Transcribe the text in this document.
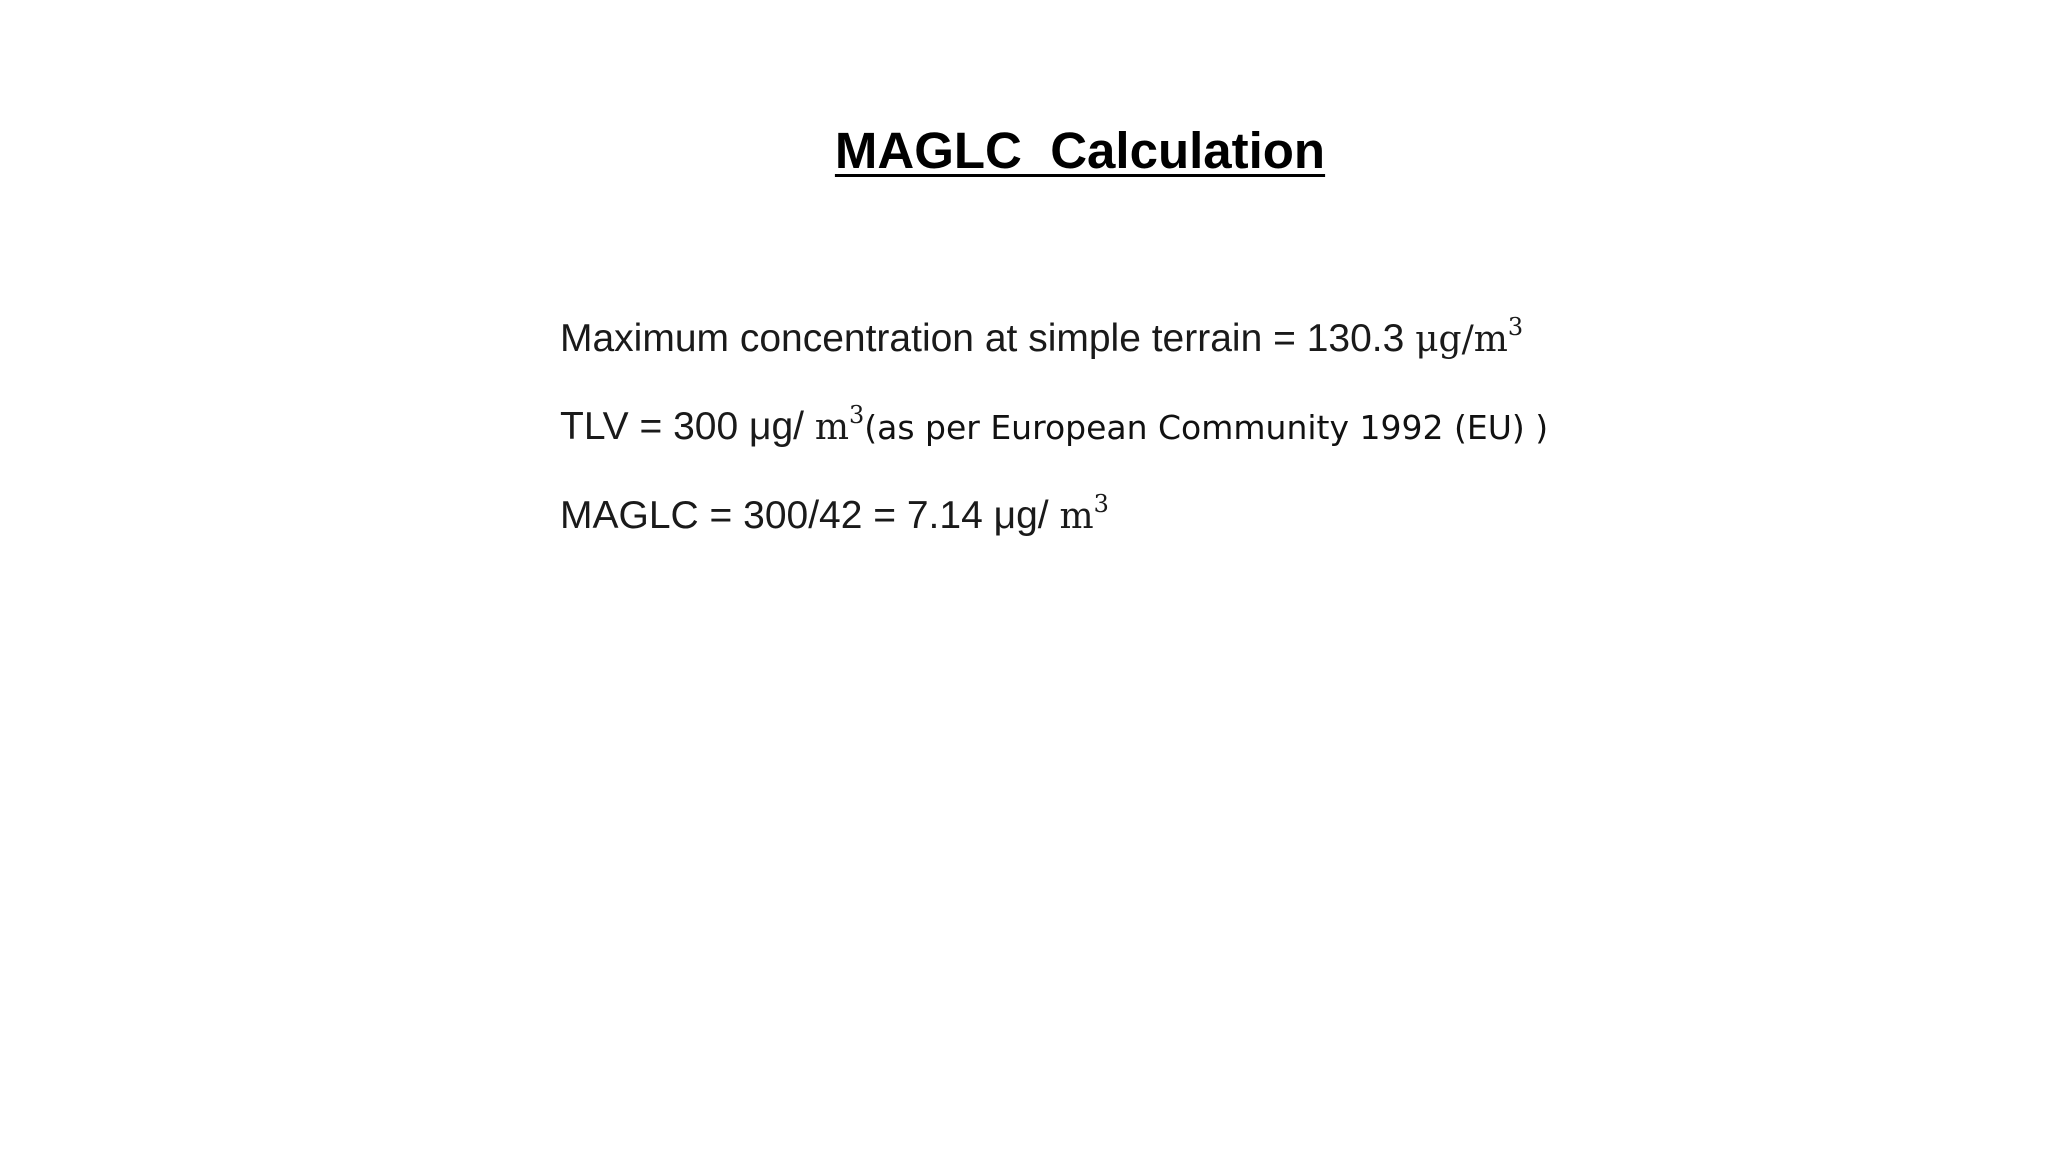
MAGLC  Calculation
Maximum concentration at simple terrain = 130.3 $\mu g/m^3$
TLV = 300 μg/ $m^3(as$ per European Community 1992 (EU) )
MAGLC = 300/42 = 7.14 μg/ $m^3$
